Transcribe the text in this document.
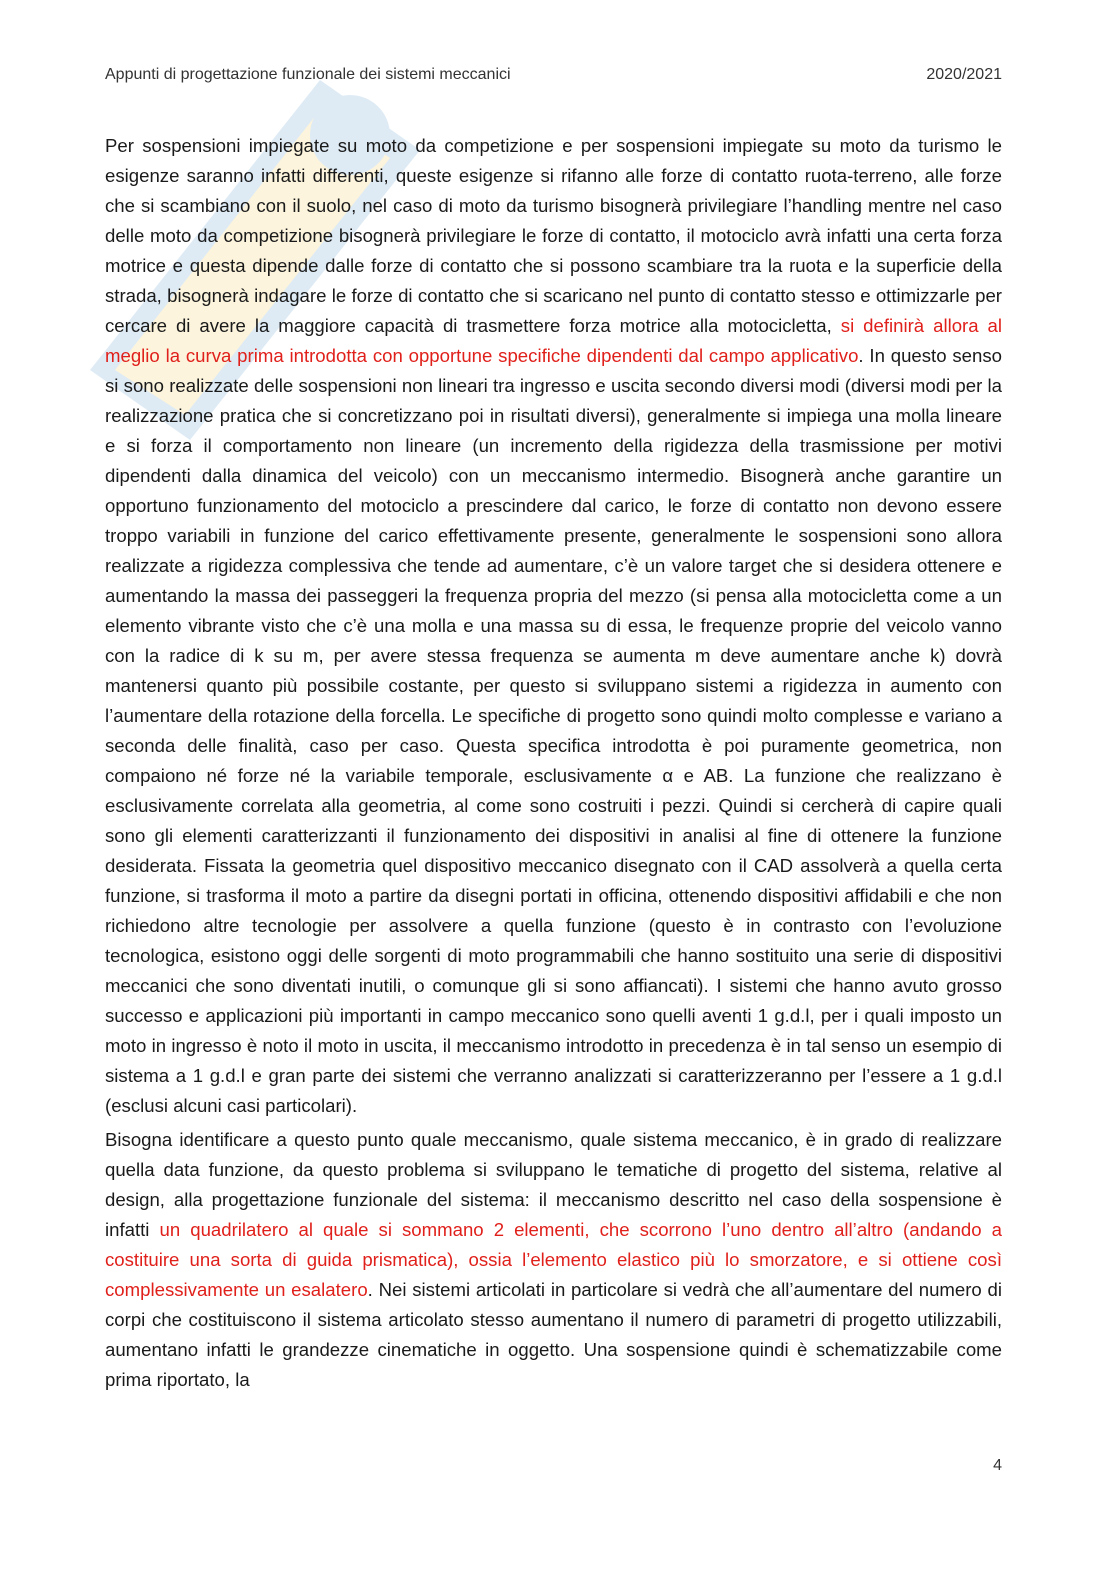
Appunti di progettazione funzionale dei sistemi meccanici	2020/2021

Per sospensioni impiegate su moto da competizione e per sospensioni impiegate su moto da turismo le esigenze saranno infatti differenti, queste esigenze si rifanno alle forze di contatto ruota-terreno, alle forze che si scambiano con il suolo, nel caso di moto da turismo bisognerà privilegiare l’handling mentre nel caso delle moto da competizione bisognerà privilegiare le forze di contatto, il motociclo avrà infatti una certa forza motrice e questa dipende dalle forze di contatto che si possono scambiare tra la ruota e la superficie della strada, bisognerà indagare le forze di contatto che si scaricano nel punto di contatto stesso e ottimizzarle per cercare di avere la maggiore capacità di trasmettere forza motrice alla motocicletta, si definirà allora al meglio la curva prima introdotta con opportune specifiche dipendenti dal campo applicativo. In questo senso si sono realizzate delle sospensioni non lineari tra ingresso e uscita secondo diversi modi (diversi modi per la realizzazione pratica che si concretizzano poi in risultati diversi), generalmente si impiega una molla lineare e si forza il comportamento non lineare (un incremento della rigidezza della trasmissione per motivi dipendenti dalla dinamica del veicolo) con un meccanismo intermedio. Bisognerà anche garantire un opportuno funzionamento del motociclo a prescindere dal carico, le forze di contatto non devono essere troppo variabili in funzione del carico effettivamente presente, generalmente le sospensioni sono allora realizzate a rigidezza complessiva che tende ad aumentare, c’è un valore target che si desidera ottenere e aumentando la massa dei passeggeri la frequenza propria del mezzo (si pensa alla motocicletta come a un elemento vibrante visto che c’è una molla e una massa su di essa, le frequenze proprie del veicolo vanno con la radice di k su m, per avere stessa frequenza se aumenta m deve aumentare anche k) dovrà mantenersi quanto più possibile costante, per questo si sviluppano sistemi a rigidezza in aumento con l’aumentare della rotazione della forcella. Le specifiche di progetto sono quindi molto complesse e variano a seconda delle finalità, caso per caso. Questa specifica introdotta è poi puramente geometrica, non compaiono né forze né la variabile temporale, esclusivamente α e AB. La funzione che realizzano è esclusivamente correlata alla geometria, al come sono costruiti i pezzi. Quindi si cercherà di capire quali sono gli elementi caratterizzanti il funzionamento dei dispositivi in analisi al fine di ottenere la funzione desiderata. Fissata la geometria quel dispositivo meccanico disegnato con il CAD assolverà a quella certa funzione, si trasforma il moto a partire da disegni portati in officina, ottenendo dispositivi affidabili e che non richiedono altre tecnologie per assolvere a quella funzione (questo è in contrasto con l’evoluzione tecnologica, esistono oggi delle sorgenti di moto programmabili che hanno sostituito una serie di dispositivi meccanici che sono diventati inutili, o comunque gli si sono affiancati). I sistemi che hanno avuto grosso successo e applicazioni più importanti in campo meccanico sono quelli aventi 1 g.d.l, per i quali imposto un moto in ingresso è noto il moto in uscita, il meccanismo introdotto in precedenza è in tal senso un esempio di sistema a 1 g.d.l e gran parte dei sistemi che verranno analizzati si caratterizzeranno per l’essere a 1 g.d.l (esclusi alcuni casi particolari).

Bisogna identificare a questo punto quale meccanismo, quale sistema meccanico, è in grado di realizzare quella data funzione, da questo problema si sviluppano le tematiche di progetto del sistema, relative al design, alla progettazione funzionale del sistema: il meccanismo descritto nel caso della sospensione è infatti un quadrilatero al quale si sommano 2 elementi, che scorrono l’uno dentro all’altro (andando a costituire una sorta di guida prismatica), ossia l’elemento elastico più lo smorzatore, e si ottiene così complessivamente un esalatero. Nei sistemi articolati in particolare si vedrà che all’aumentare del numero di corpi che costituiscono il sistema articolato stesso aumentano il numero di parametri di progetto utilizzabili, aumentano infatti le grandezze cinematiche in oggetto. Una sospensione quindi è schematizzabile come prima riportato, la

4
